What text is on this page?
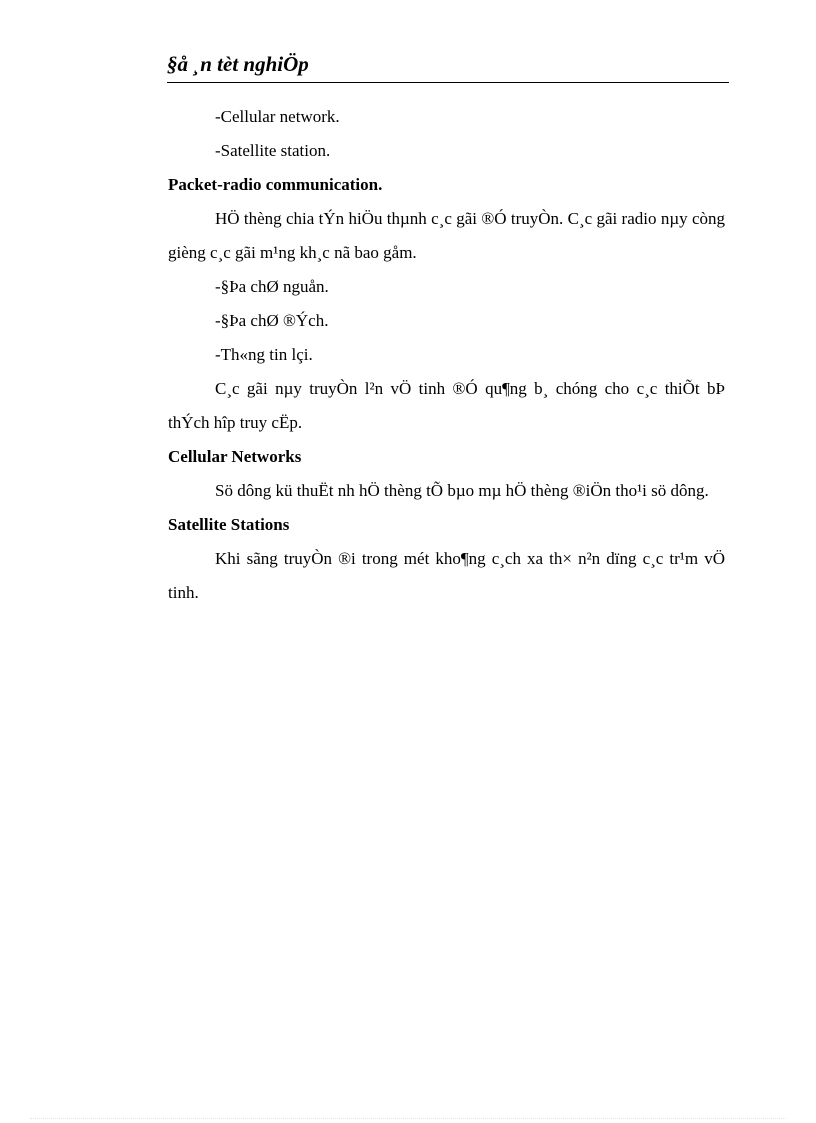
§å ¸n tèt nghiÖp

-Cellular network.

-Satellite station.

Packet-radio communication.

HÖ thèng chia tÝn hiÖu thµnh c¸c gãi ®Ó truyÒn. C¸c gãi radio nµy còng gièng c¸c gãi m¹ng kh¸c nã bao gåm.

-§Þa chØ nguån.

-§Þa chØ ®Ých.

-Th«ng tin lçi.

C¸c gãi nµy truyÒn l²n vÖ tinh ®Ó qu¶ng b¸ chóng cho c¸c thiÕt bÞ thÝch hîp truy cËp.

Cellular Networks

Sö dông kü thuËt nh hÖ thèng tÕ bµo mµ hÖ thèng ®iÖn tho¹i sö dông.

Satellite Stations

Khi sãng truyÒn ®i trong mét kho¶ng c¸ch xa th× n²n dïng c¸c tr¹m vÖ tinh.
